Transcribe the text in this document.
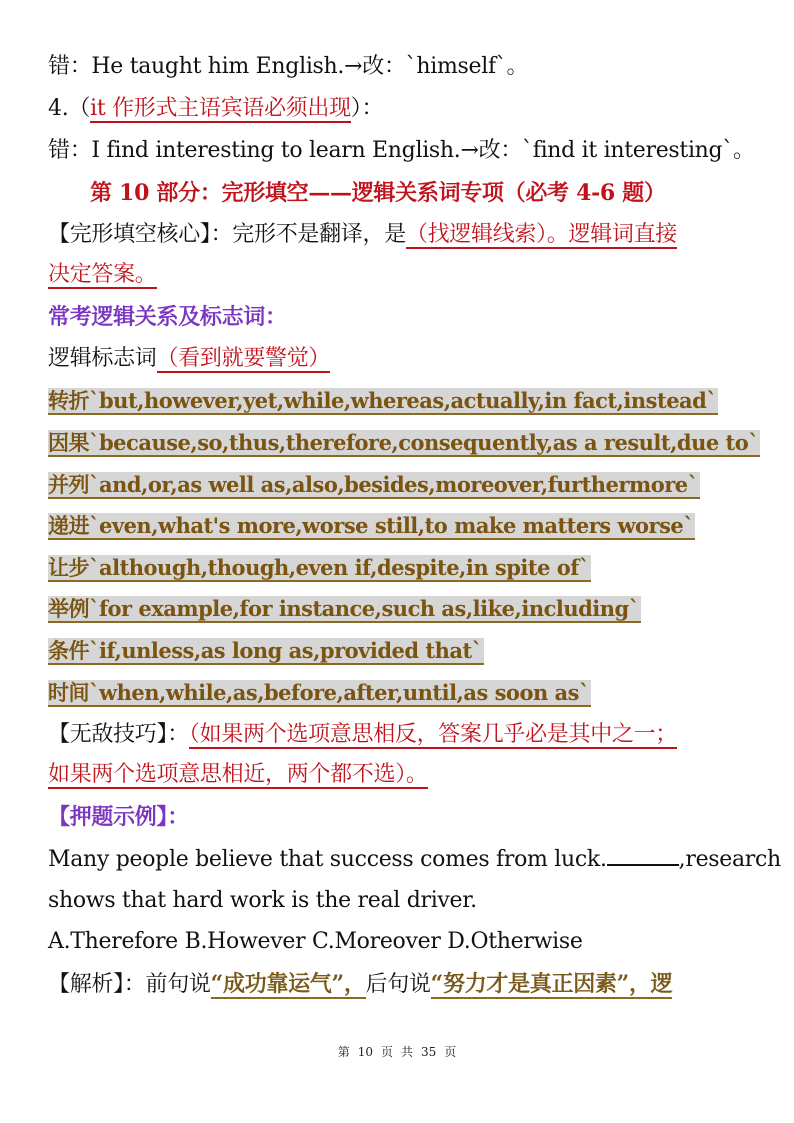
错：He taught him English.→改：`himself`。
4.（it 作形式主语宾语必须出现）：
错：I find interesting to learn English.→改：`find it interesting`。
第 10 部分：完形填空——逻辑关系词专项（必考 4-6 题）
【完形填空核心】：完形不是翻译，是（找逻辑线索）。逻辑词直接
决定答案。
常考逻辑关系及标志词：
逻辑标志词（看到就要警觉）
转折`but,however,yet,while,whereas,actually,in fact,instead`
因果`because,so,thus,therefore,consequently,as a result,due to`
并列`and,or,as well as,also,besides,moreover,furthermore`
递进`even,what's more,worse still,to make matters worse`
让步`although,though,even if,despite,in spite of`
举例`for example,for instance,such as,like,including`
条件`if,unless,as long as,provided that`
时间`when,while,as,before,after,until,as soon as`
【无敌技巧】：（如果两个选项意思相反，答案几乎必是其中之一；
如果两个选项意思相近，两个都不选）。
【押题示例】：
Many people believe that success comes from luck.	,research
shows that hard work is the real driver.
A.Therefore B.However C.Moreover D.Otherwise
【解析】：前句说“成功靠运气”，后句说“努力才是真正因素”，逻
第 10 页 共 35 页
